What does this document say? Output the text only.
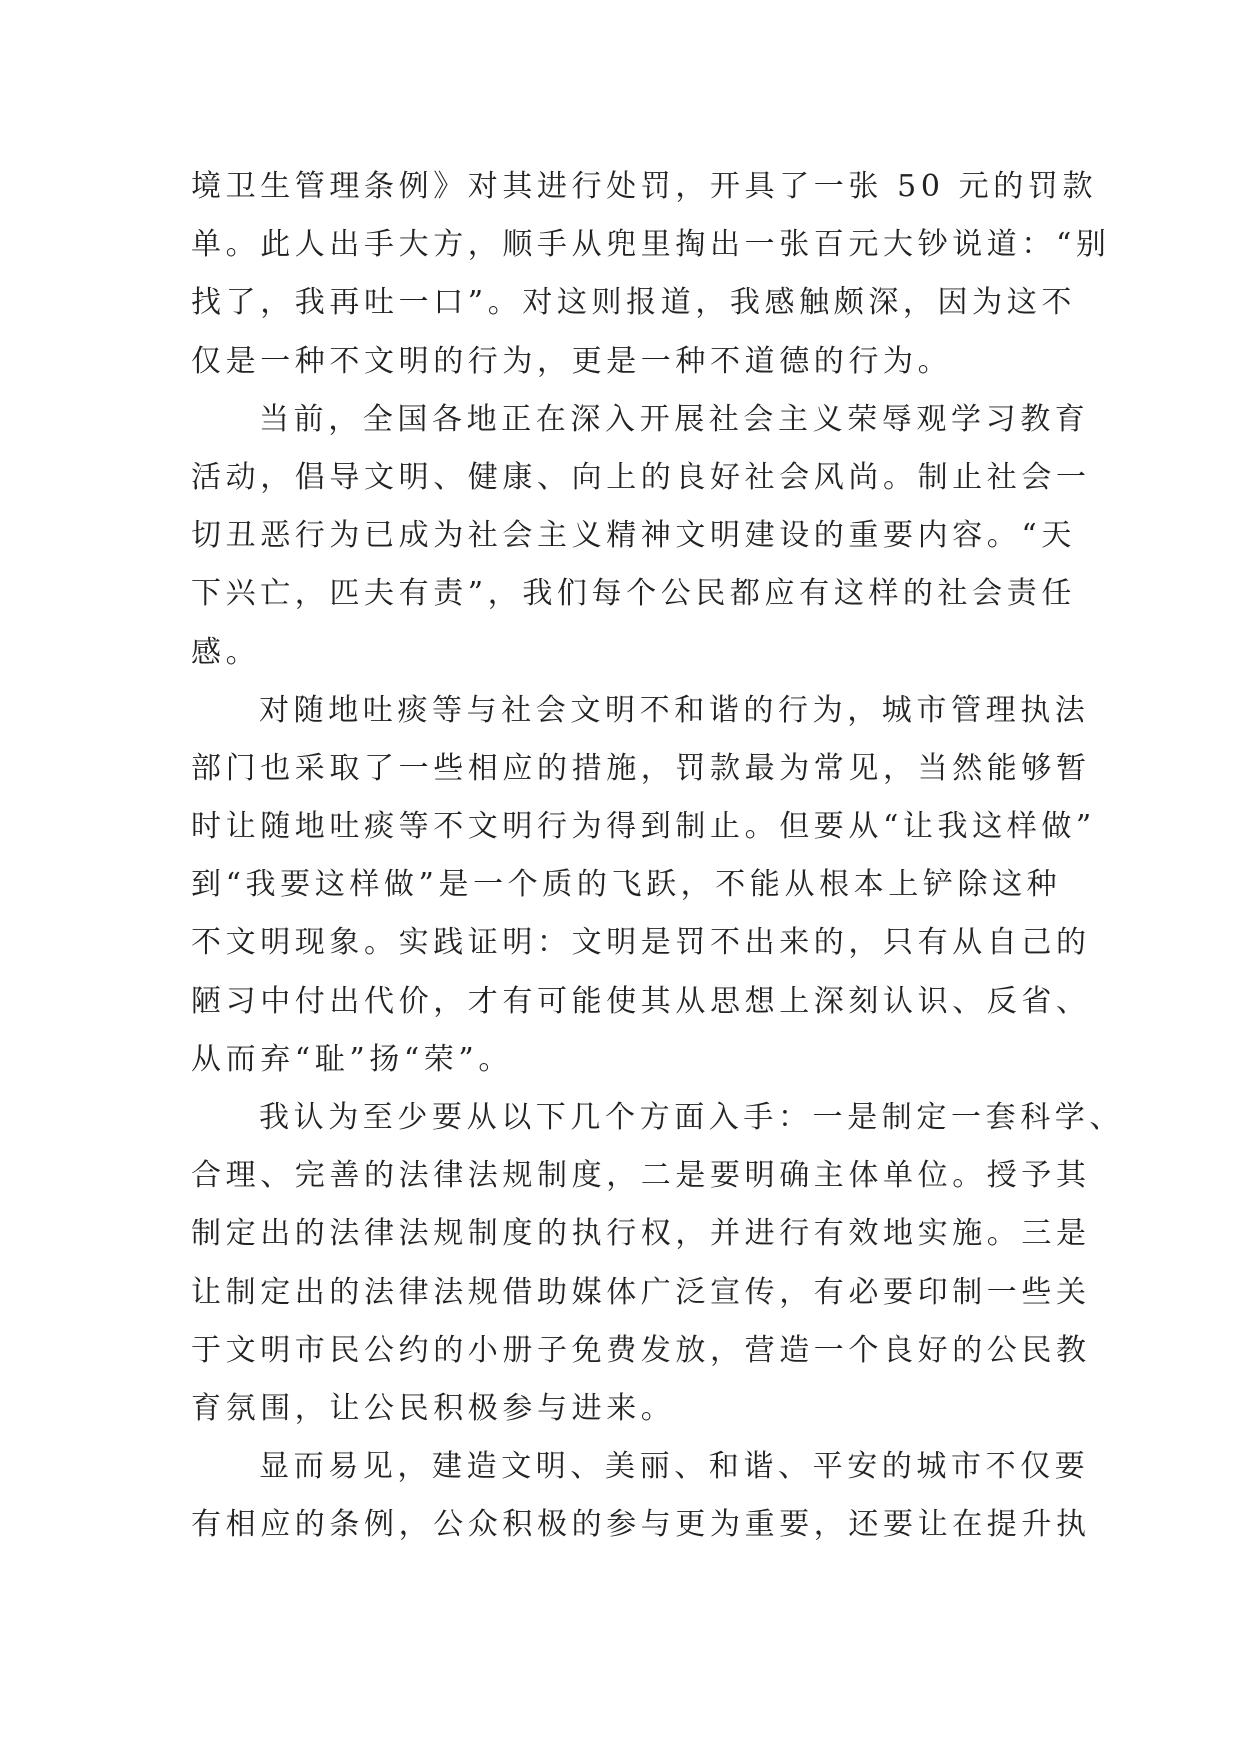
境卫生管理条例》对其进行处罚，开具了一张 50 元的罚款
单。此人出手大方，顺手从兜里掏出一张百元大钞说道：“别
找了，我再吐一口”。对这则报道，我感触颇深，因为这不
仅是一种不文明的行为，更是一种不道德的行为。
当前，全国各地正在深入开展社会主义荣辱观学习教育
活动，倡导文明、健康、向上的良好社会风尚。制止社会一
切丑恶行为已成为社会主义精神文明建设的重要内容。“天
下兴亡，匹夫有责”，我们每个公民都应有这样的社会责任
感。
对随地吐痰等与社会文明不和谐的行为，城市管理执法
部门也采取了一些相应的措施，罚款最为常见，当然能够暂
时让随地吐痰等不文明行为得到制止。但要从“让我这样做”
到“我要这样做”是一个质的飞跃，不能从根本上铲除这种
不文明现象。实践证明：文明是罚不出来的，只有从自己的
陋习中付出代价，才有可能使其从思想上深刻认识、反省、
从而弃“耻”扬“荣”。
我认为至少要从以下几个方面入手：一是制定一套科学、
合理、完善的法律法规制度，二是要明确主体单位。授予其
制定出的法律法规制度的执行权，并进行有效地实施。三是
让制定出的法律法规借助媒体广泛宣传，有必要印制一些关
于文明市民公约的小册子免费发放，营造一个良好的公民教
育氛围，让公民积极参与进来。
显而易见，建造文明、美丽、和谐、平安的城市不仅要
有相应的条例，公众积极的参与更为重要，还要让在提升执
